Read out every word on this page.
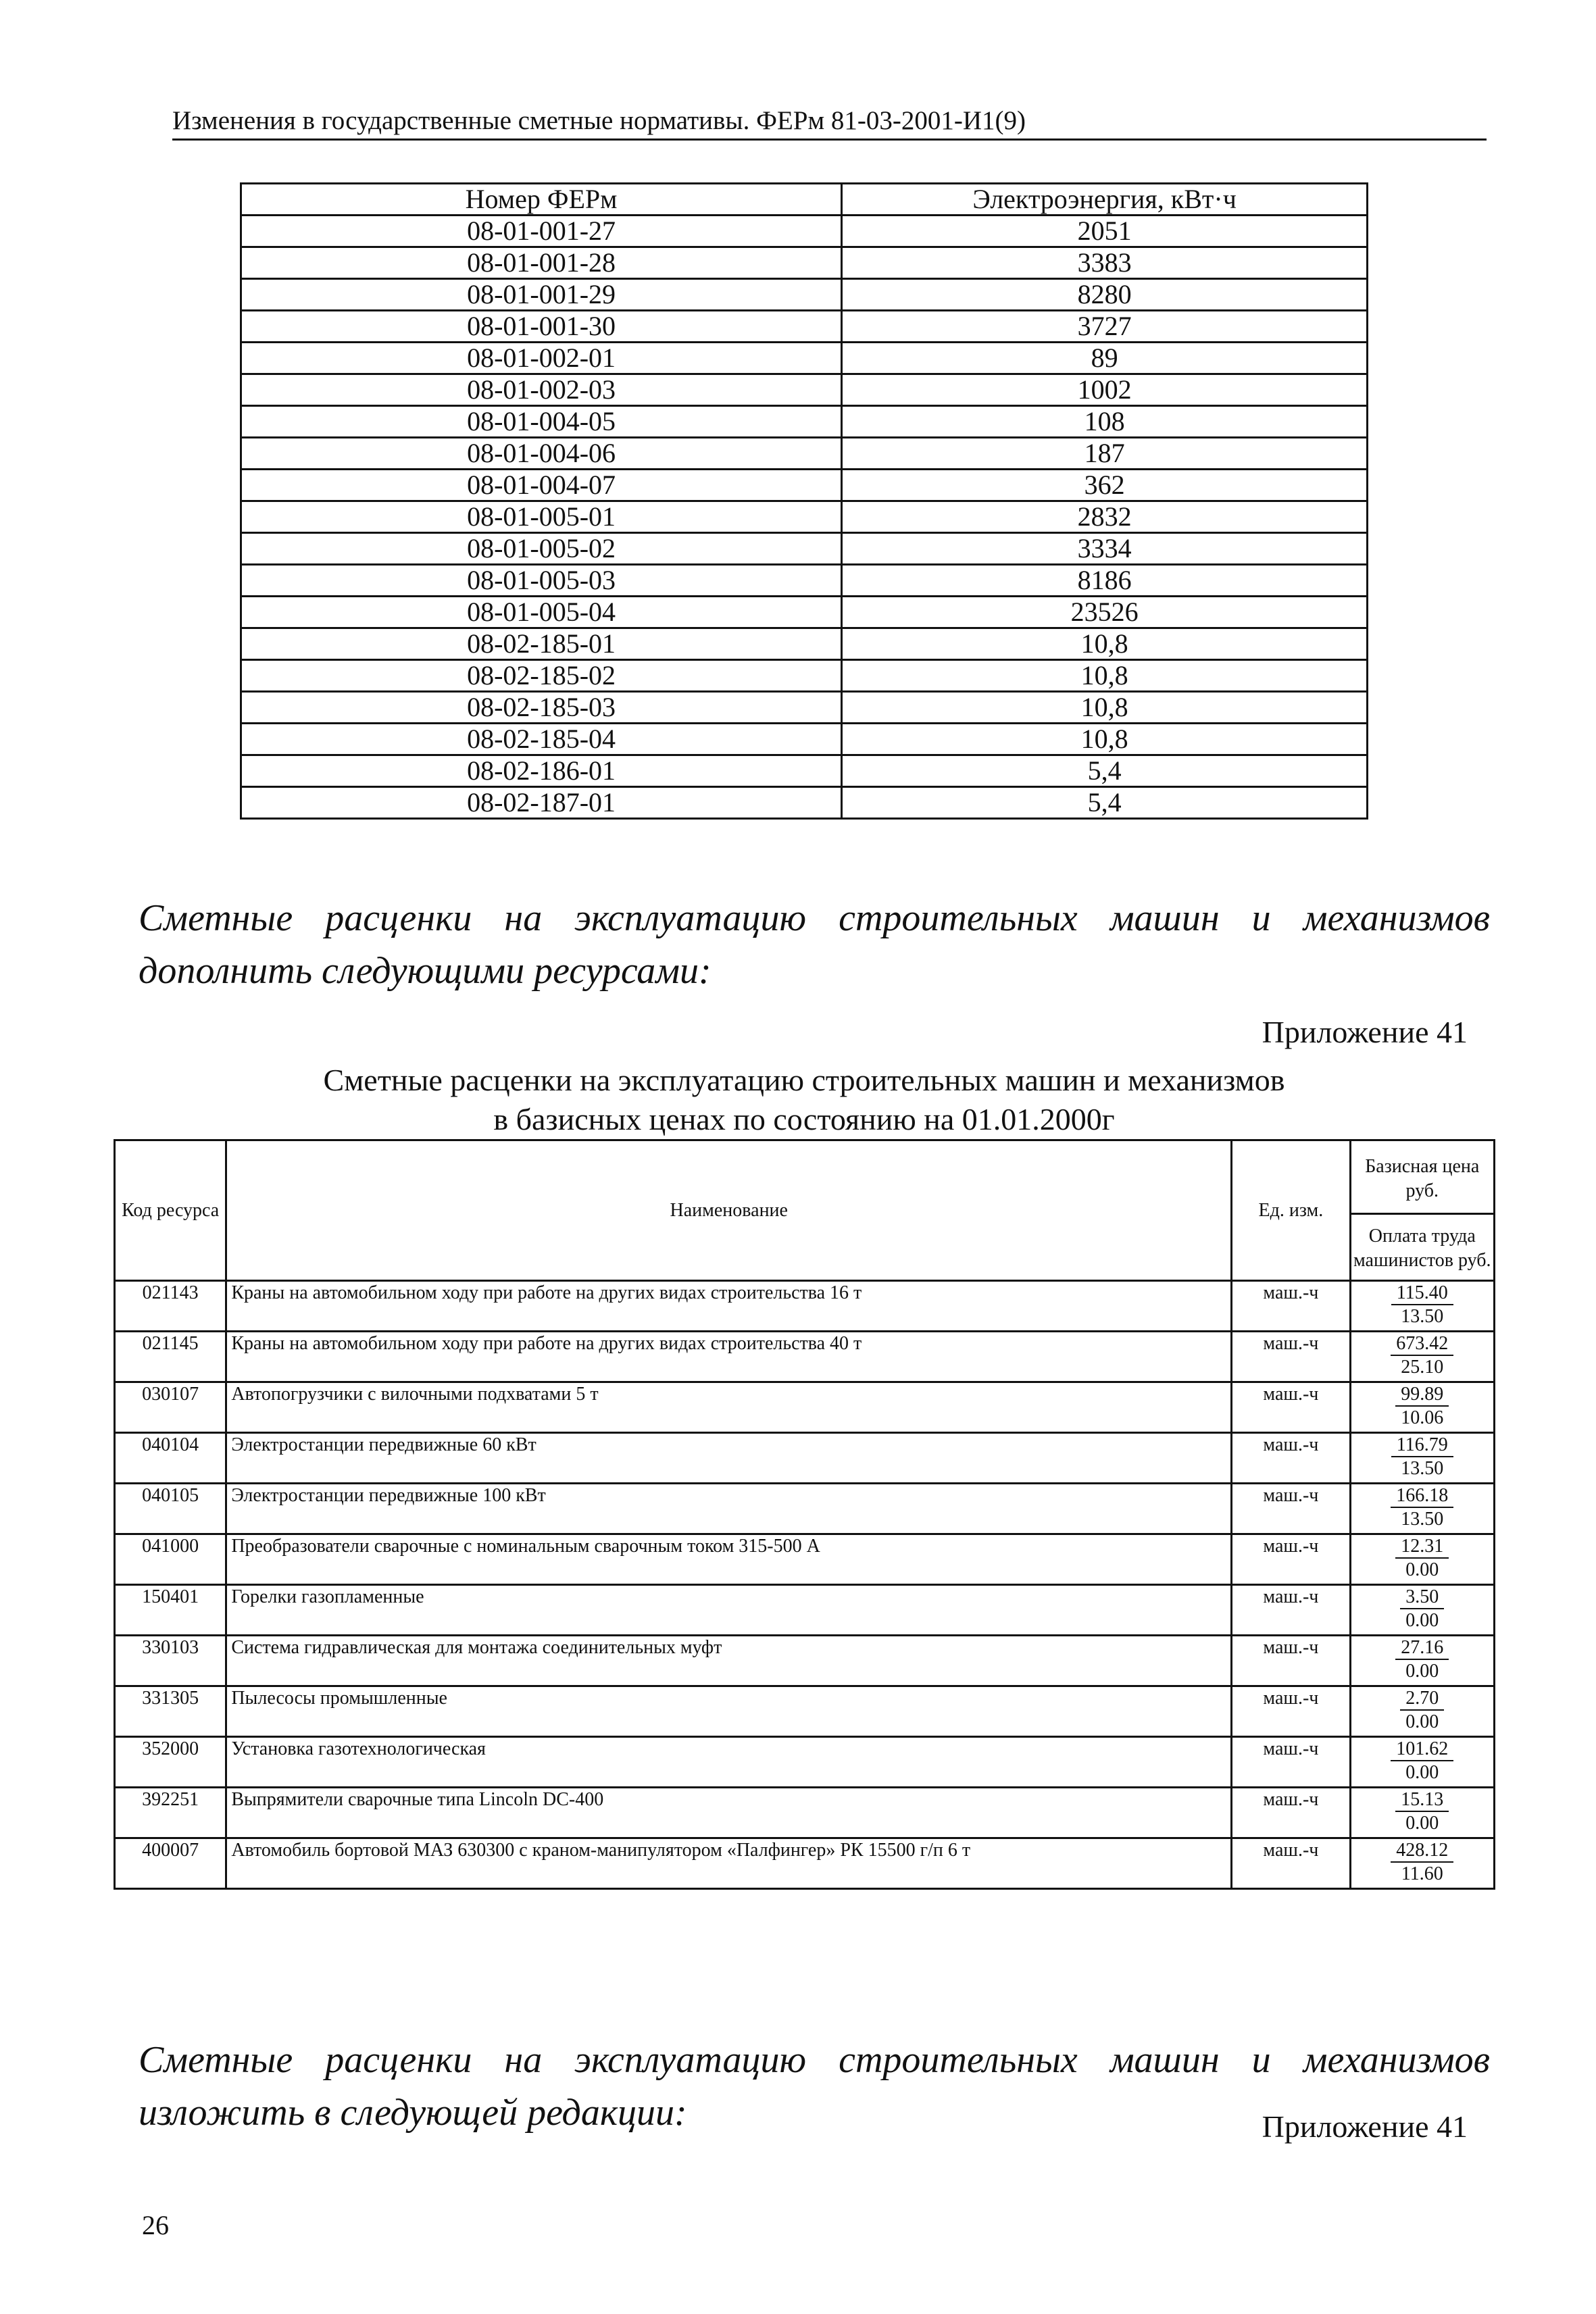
Изменения в государственные сметные нормативы. ФЕРм 81-03-2001-И1(9)
Номер ФЕРм	Электроэнергия, кВт·ч
08-01-001-27	2051
08-01-001-28	3383
08-01-001-29	8280
08-01-001-30	3727
08-01-002-01	89
08-01-002-03	1002
08-01-004-05	108
08-01-004-06	187
08-01-004-07	362
08-01-005-01	2832
08-01-005-02	3334
08-01-005-03	8186
08-01-005-04	23526
08-02-185-01	10,8
08-02-185-02	10,8
08-02-185-03	10,8
08-02-185-04	10,8
08-02-186-01	5,4
08-02-187-01	5,4
Сметные расценки на эксплуатацию строительных машин и механизмов
дополнить следующими ресурсами:
Приложение 41
Сметные расценки на эксплуатацию строительных машин и механизмов
в базисных ценах по состоянию на 01.01.2000г
Код ресурса	Наименование	Ед. изм.	Базисная цена руб.
Оплата труда машинистов руб.

021143	Краны на автомобильном ходу при работе на других видах строительства 16 т	маш.-ч	115.40
13.50

021145	Краны на автомобильном ходу при работе на других видах строительства 40 т	маш.-ч	673.42
25.10

030107	Автопогрузчики с вилочными подхватами 5 т	маш.-ч	99.89
10.06

040104	Электростанции передвижные 60 кВт	маш.-ч	116.79
13.50

040105	Электростанции передвижные 100 кВт	маш.-ч	166.18
13.50

041000	Преобразователи сварочные с номинальным сварочным током 315-500 А	маш.-ч	12.31
0.00

150401	Горелки газопламенные	маш.-ч	3.50
0.00

330103	Система гидравлическая для монтажа соединительных муфт	маш.-ч	27.16
0.00

331305	Пылесосы промышленные	маш.-ч	2.70
0.00

352000	Установка газотехнологическая	маш.-ч	101.62
0.00

392251	Выпрямители сварочные типа Lincoln DC-400	маш.-ч	15.13
0.00

400007	Автомобиль бортовой МАЗ 630300 с краном-манипулятором «Палфингер» РК 15500 г/п 6 т	маш.-ч	428.12
11.60
Сметные расценки на эксплуатацию строительных машин и механизмов
изложить в следующей редакции:	Приложение 41
26
